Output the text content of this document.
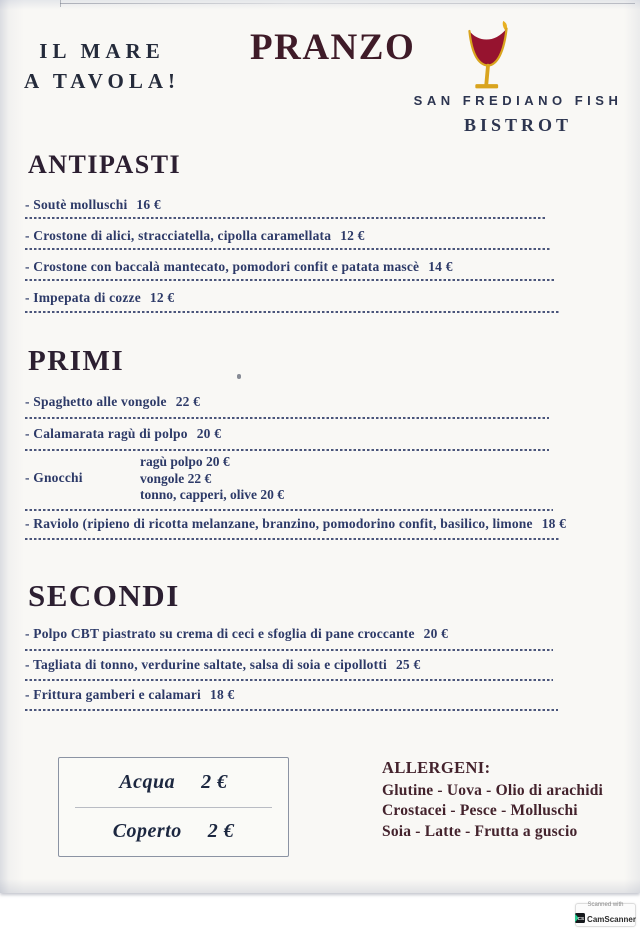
IL MARE
A TAVOLA!
PRANZO
SAN FREDIANO FISH
BISTROT
ANTIPASTI
- Soutè molluschi 16 €
- Crostone di alici, stracciatella, cipolla caramellata 12 €
- Crostone con baccalà mantecato, pomodori confit e patata mascè 14 €
- Impepata di cozze 12 €
PRIMI
- Spaghetto alle vongole 22 €
- Calamarata ragù di polpo 20 €
- Gnocchi
ragù polpo 20 €
vongole 22 €
tonno, capperi, olive 20 €
- Raviolo (ripieno di ricotta melanzane, branzino, pomodorino confit, basilico, limone 18 €
SECONDI
- Polpo CBT piastrato su crema di ceci e sfoglia di pane croccante 20 €
- Tagliata di tonno, verdurine saltate, salsa di soia e cipollotti 25 €
- Frittura gamberi e calamari 18 €
Acqua 2 €
Coperto 2 €
ALLERGENI:
Glutine - Uova - Olio di arachidi
Crostacei - Pesce - Molluschi
Soia - Latte - Frutta a guscio
Scanned with
CS CamScanner
